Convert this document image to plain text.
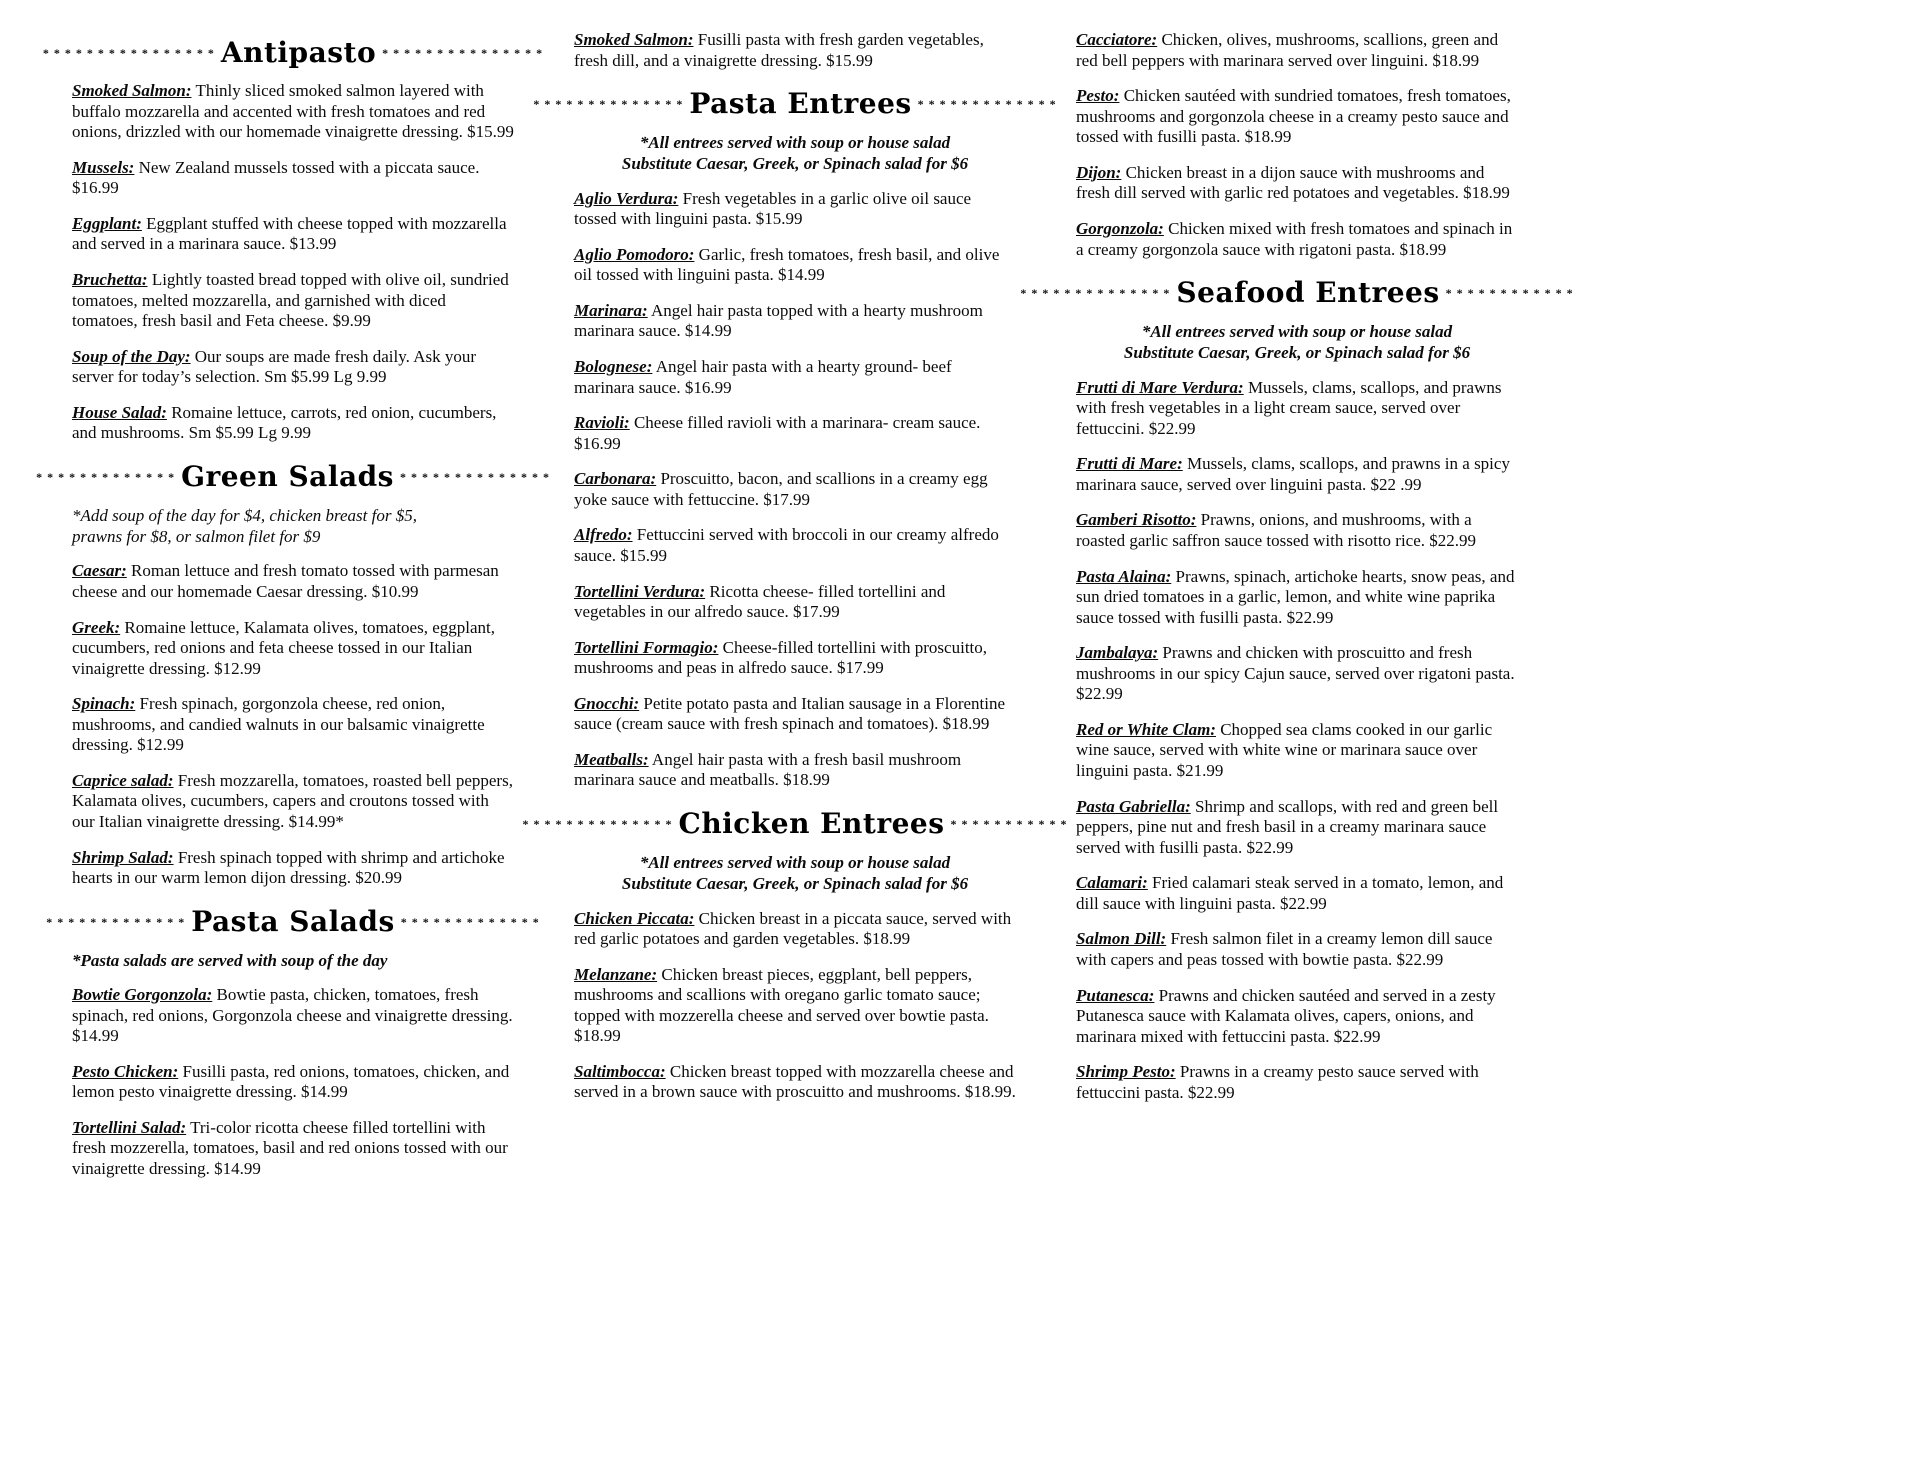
* * * * * * * * * * * * * * * * Antipasto * * * * * * * * * * * * * * *

Smoked Salmon: Thinly sliced smoked salmon layered with buffalo mozzarella and accented with fresh tomatoes and red onions, drizzled with our homemade vinaigrette dressing. $15.99

Mussels: New Zealand mussels tossed with a piccata sauce. $16.99

Eggplant: Eggplant stuffed with cheese topped with mozzarella and served in a marinara sauce. $13.99

Bruchetta: Lightly toasted bread topped with olive oil, sundried tomatoes, melted mozzarella, and garnished with diced tomatoes, fresh basil and Feta cheese. $9.99

Soup of the Day: Our soups are made fresh daily. Ask your server for today’s selection. Sm $5.99 Lg 9.99

House Salad: Romaine lettuce, carrots, red onion, cucumbers, and mushrooms. Sm $5.99 Lg 9.99

* * * * * * * * * * * * * Green Salads * * * * * * * * * * * * * *
*Add soup of the day for $4, chicken breast for $5,
prawns for $8, or salmon filet for $9

Caesar: Roman lettuce and fresh tomato tossed with parmesan cheese and our homemade Caesar dressing. $10.99

Greek: Romaine lettuce, Kalamata olives, tomatoes, eggplant, cucumbers, red onions and feta cheese tossed in our Italian vinaigrette dressing. $12.99

Spinach: Fresh spinach, gorgonzola cheese, red onion, mushrooms, and candied walnuts in our balsamic vinaigrette dressing. $12.99

Caprice salad: Fresh mozzarella, tomatoes, roasted bell peppers, Kalamata olives, cucumbers, capers and croutons tossed with our Italian vinaigrette dressing. $14.99*

Shrimp Salad: Fresh spinach topped with shrimp and artichoke hearts in our warm lemon dijon dressing. $20.99

* * * * * * * * * * * * * Pasta Salads * * * * * * * * * * * * *
*Pasta salads are served with soup of the day

Bowtie Gorgonzola: Bowtie pasta, chicken, tomatoes, fresh spinach, red onions, Gorgonzola cheese and vinaigrette dressing. $14.99

Pesto Chicken: Fusilli pasta, red onions, tomatoes, chicken, and lemon pesto vinaigrette dressing. $14.99

Tortellini Salad: Tri-color ricotta cheese filled tortellini with fresh mozzerella, tomatoes, basil and red onions tossed with our vinaigrette dressing. $14.99

Smoked Salmon: Fusilli pasta with fresh garden vegetables, fresh dill, and a vinaigrette dressing. $15.99

* * * * * * * * * * * * * * Pasta Entrees * * * * * * * * * * * * *
*All entrees served with soup or house salad
Substitute Caesar, Greek, or Spinach salad for $6

Aglio Verdura: Fresh vegetables in a garlic olive oil sauce tossed with linguini pasta. $15.99

Aglio Pomodoro: Garlic, fresh tomatoes, fresh basil, and olive oil tossed with linguini pasta. $14.99

Marinara: Angel hair pasta topped with a hearty mushroom marinara sauce. $14.99

Bolognese: Angel hair pasta with a hearty ground- beef marinara sauce. $16.99

Ravioli: Cheese filled ravioli with a marinara- cream sauce. $16.99

Carbonara: Proscuitto, bacon, and scallions in a creamy egg yoke sauce with fettuccine. $17.99

Alfredo: Fettuccini served with broccoli in our creamy alfredo sauce. $15.99

Tortellini Verdura: Ricotta cheese- filled tortellini and vegetables in our alfredo sauce. $17.99

Tortellini Formagio: Cheese-filled tortellini with proscuitto, mushrooms and peas in alfredo sauce. $17.99

Gnocchi: Petite potato pasta and Italian sausage in a Florentine sauce (cream sauce with fresh spinach and tomatoes). $18.99

Meatballs: Angel hair pasta with a fresh basil mushroom marinara sauce and meatballs. $18.99

* * * * * * * * * * * * * * Chicken Entrees * * * * * * * * * * *
*All entrees served with soup or house salad
Substitute Caesar, Greek, or Spinach salad for $6

Chicken Piccata: Chicken breast in a piccata sauce, served with red garlic potatoes and garden vegetables. $18.99

Melanzane: Chicken breast pieces, eggplant, bell peppers, mushrooms and scallions with oregano garlic tomato sauce; topped with mozzerella cheese and served over bowtie pasta. $18.99

Saltimbocca: Chicken breast topped with mozzarella cheese and served in a brown sauce with proscuitto and mushrooms. $18.99.

Cacciatore: Chicken, olives, mushrooms, scallions, green and red bell peppers with marinara served over linguini. $18.99

Pesto: Chicken sautéed with sundried tomatoes, fresh tomatoes, mushrooms and gorgonzola cheese in a creamy pesto sauce and tossed with fusilli pasta. $18.99

Dijon: Chicken breast in a dijon sauce with mushrooms and fresh dill served with garlic red potatoes and vegetables. $18.99

Gorgonzola: Chicken mixed with fresh tomatoes and spinach in a creamy gorgonzola sauce with rigatoni pasta. $18.99

* * * * * * * * * * * * * * Seafood Entrees * * * * * * * * * * * *
*All entrees served with soup or house salad
Substitute Caesar, Greek, or Spinach salad for $6

Frutti di Mare Verdura: Mussels, clams, scallops, and prawns with fresh vegetables in a light cream sauce, served over fettuccini. $22.99

Frutti di Mare: Mussels, clams, scallops, and prawns in a spicy marinara sauce, served over linguini pasta. $22 .99

Gamberi Risotto: Prawns, onions, and mushrooms, with a roasted garlic saffron sauce tossed with risotto rice. $22.99

Pasta Alaina: Prawns, spinach, artichoke hearts, snow peas, and sun dried tomatoes in a garlic, lemon, and white wine paprika sauce tossed with fusilli pasta. $22.99

Jambalaya: Prawns and chicken with proscuitto and fresh mushrooms in our spicy Cajun sauce, served over rigatoni pasta. $22.99

Red or White Clam: Chopped sea clams cooked in our garlic wine sauce, served with white wine or marinara sauce over linguini pasta. $21.99

Pasta Gabriella: Shrimp and scallops, with red and green bell peppers, pine nut and fresh basil in a creamy marinara sauce served with fusilli pasta. $22.99

Calamari: Fried calamari steak served in a tomato, lemon, and dill sauce with linguini pasta. $22.99

Salmon Dill: Fresh salmon filet in a creamy lemon dill sauce with capers and peas tossed with bowtie pasta. $22.99

Putanesca: Prawns and chicken sautéed and served in a zesty Putanesca sauce with Kalamata olives, capers, onions, and marinara mixed with fettuccini pasta. $22.99

Shrimp Pesto: Prawns in a creamy pesto sauce served with fettuccini pasta. $22.99
